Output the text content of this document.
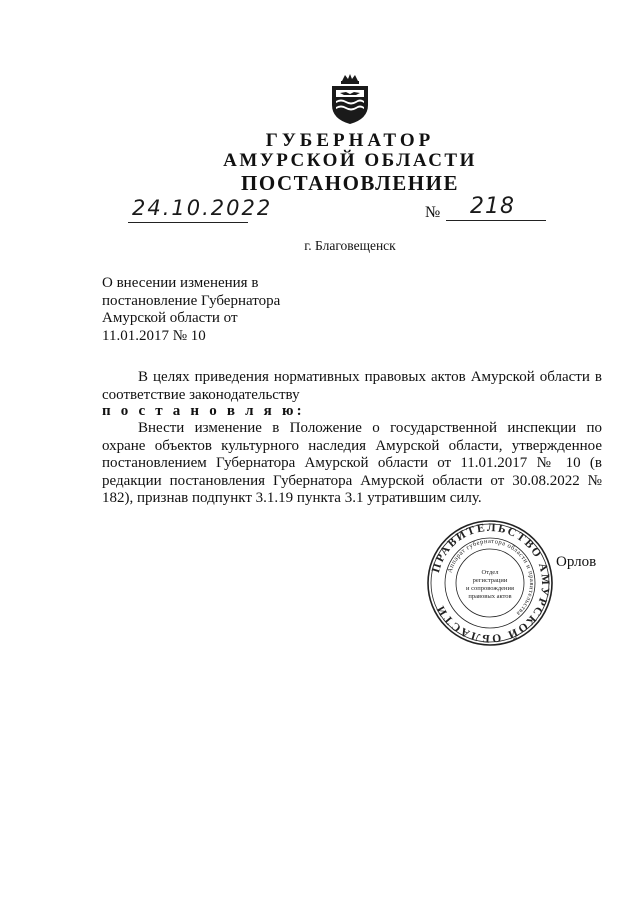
ГУБЕРНАТОР
АМУРСКОЙ ОБЛАСТИ
ПОСТАНОВЛЕНИЕ
24.10.2022	№ 218
г. Благовещенск
О внесении изменения в
постановление Губернатора
Амурской области от
11.01.2017 № 10
В целях приведения нормативных правовых актов Амурской области в соответствие законодательству
п о с т а н о в л я ю:
Внести изменение в Положение о государственной инспекции по охране объектов культурного наследия Амурской области, утвержденное постановлением Губернатора Амурской области от 11.01.2017 № 10 (в редакции постановления Губернатора Амурской области от 30.08.2022 № 182), признав подпункт 3.1.19 пункта 3.1 утратившим силу.
ПРАВИТЕЛЬСТВО АМУРСКОЙ ОБЛАСТИ
Аппарат губернатора области и правительства
Отдел
регистрации
и сопровождения
правовых актов
Орлов
